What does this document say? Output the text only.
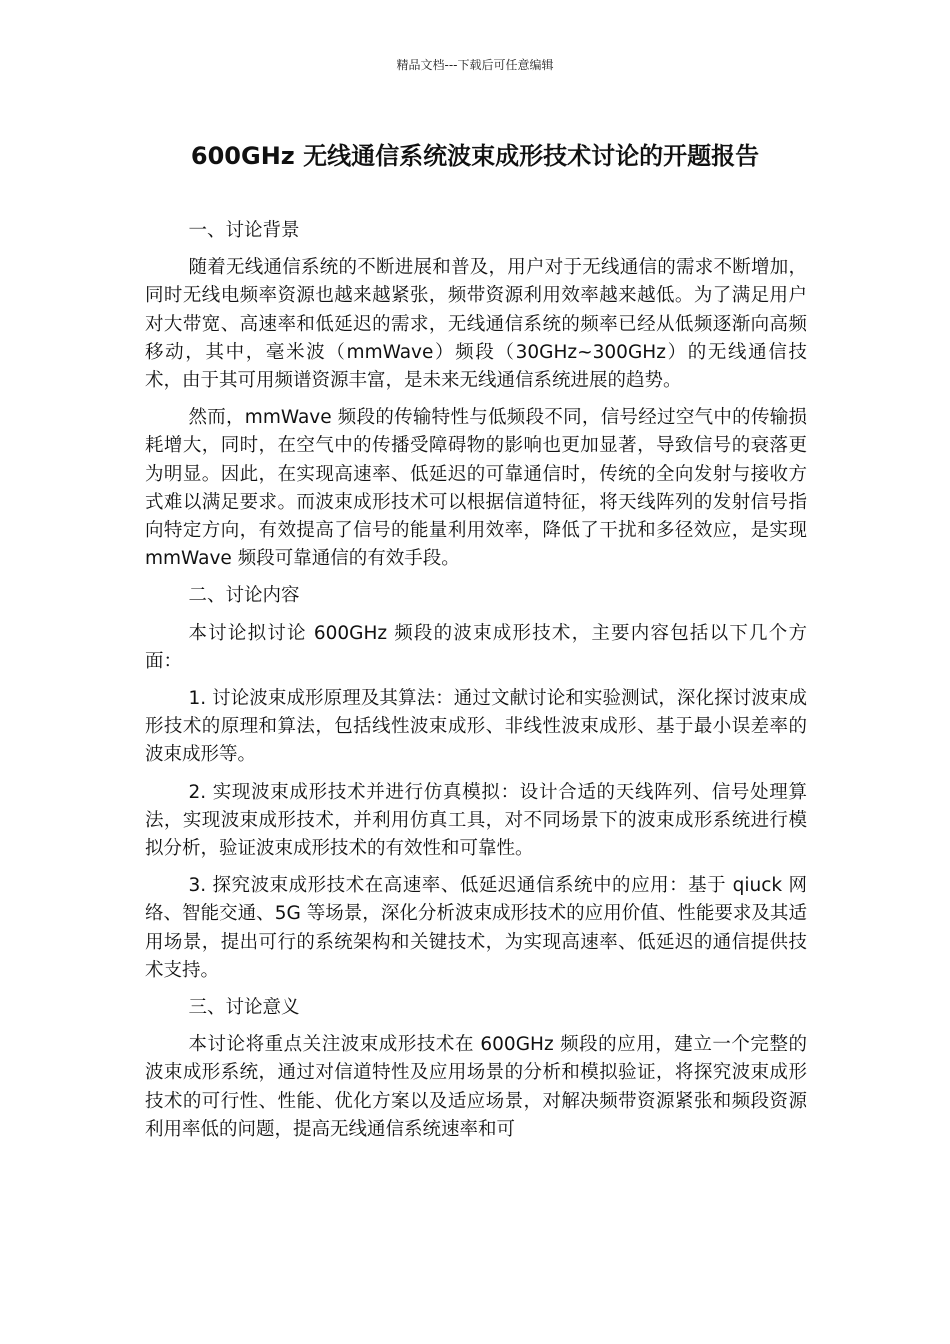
精品文档---下载后可任意编辑
600GHz 无线通信系统波束成形技术讨论的开题报告

一、讨论背景

随着无线通信系统的不断进展和普及，用户对于无线通信的需求不断增加，同时无线电频率资源也越来越紧张，频带资源利用效率越来越低。为了满足用户对大带宽、高速率和低延迟的需求，无线通信系统的频率已经从低频逐渐向高频移动，其中，毫米波（mmWave）频段（30GHz~300GHz）的无线通信技术，由于其可用频谱资源丰富，是未来无线通信系统进展的趋势。

然而，mmWave 频段的传输特性与低频段不同，信号经过空气中的传输损耗增大，同时，在空气中的传播受障碍物的影响也更加显著，导致信号的衰落更为明显。因此，在实现高速率、低延迟的可靠通信时，传统的全向发射与接收方式难以满足要求。而波束成形技术可以根据信道特征，将天线阵列的发射信号指向特定方向，有效提高了信号的能量利用效率，降低了干扰和多径效应，是实现 mmWave 频段可靠通信的有效手段。

二、讨论内容

本讨论拟讨论 600GHz 频段的波束成形技术，主要内容包括以下几个方面：

1. 讨论波束成形原理及其算法：通过文献讨论和实验测试，深化探讨波束成形技术的原理和算法，包括线性波束成形、非线性波束成形、基于最小误差率的波束成形等。

2. 实现波束成形技术并进行仿真模拟：设计合适的天线阵列、信号处理算法，实现波束成形技术，并利用仿真工具，对不同场景下的波束成形系统进行模拟分析，验证波束成形技术的有效性和可靠性。

3. 探究波束成形技术在高速率、低延迟通信系统中的应用：基于 qiuck 网络、智能交通、5G 等场景，深化分析波束成形技术的应用价值、性能要求及其适用场景，提出可行的系统架构和关键技术，为实现高速率、低延迟的通信提供技术支持。

三、讨论意义

本讨论将重点关注波束成形技术在 600GHz 频段的应用，建立一个完整的波束成形系统，通过对信道特性及应用场景的分析和模拟验证，将探究波束成形技术的可行性、性能、优化方案以及适应场景，对解决频带资源紧张和频段资源利用率低的问题，提高无线通信系统速率和可
